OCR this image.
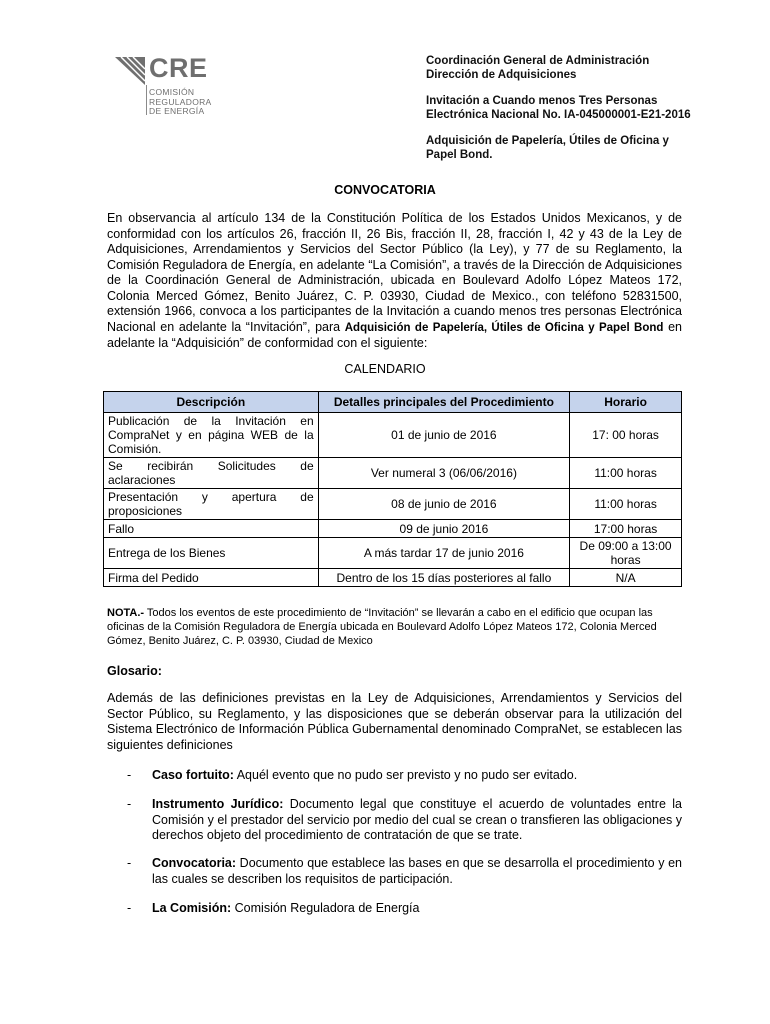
CRE
COMISIÓN
REGULADORA
DE ENERGÍA
Coordinación General de Administración
Dirección de Adquisiciones
Invitación a Cuando menos Tres Personas
Electrónica Nacional No. IA-045000001-E21-2016
Adquisición de Papelería, Útiles de Oficina y
Papel Bond.
CONVOCATORIA
En observancia al artículo 134 de la Constitución Política de los Estados Unidos Mexicanos, y de conformidad con los artículos 26, fracción II, 26 Bis, fracción II, 28, fracción I, 42 y 43 de la Ley de Adquisiciones, Arrendamientos y Servicios del Sector Público (la Ley), y 77 de su Reglamento, la Comisión Reguladora de Energía, en adelante “La Comisión”, a través de la Dirección de Adquisiciones de la Coordinación General de Administración, ubicada en Boulevard Adolfo López Mateos 172, Colonia Merced Gómez, Benito Juárez, C. P. 03930, Ciudad de Mexico., con teléfono 52831500, extensión 1966, convoca a los participantes de la Invitación a cuando menos tres personas Electrónica Nacional en adelante la “Invitación”, para Adquisición de Papelería, Útiles de Oficina y Papel Bond en adelante la “Adquisición” de conformidad con el siguiente:
CALENDARIO
Descripción	Detalles principales del Procedimiento	Horario

Publicación de la Invitación en CompraNet y en página WEB de la Comisión.	01 de junio de 2016	17: 00 horas

Se recibirán Solicitudes de aclaraciones	Ver numeral 3 (06/06/2016)	11:00 horas

Presentación y apertura de proposiciones	08 de junio de 2016	11:00 horas
Fallo	09 de junio 2016	17:00 horas
Entrega de los Bienes	A más tardar 17 de junio 2016	De 09:00 a 13:00 horas
Firma del Pedido	Dentro de los 15 días posteriores al fallo	N/A
NOTA.- Todos los eventos de este procedimiento de “Invitación” se llevarán a cabo en el edificio que ocupan las oficinas de la Comisión Reguladora de Energía ubicada en Boulevard Adolfo López Mateos 172, Colonia Merced Gómez, Benito Juárez, C. P. 03930, Ciudad de Mexico
Glosario:
Además de las definiciones previstas en la Ley de Adquisiciones, Arrendamientos y Servicios del Sector Público, su Reglamento, y las disposiciones que se deberán observar para la utilización del Sistema Electrónico de Información Pública Gubernamental denominado CompraNet, se establecen las siguientes definiciones
- Caso fortuito: Aquél evento que no pudo ser previsto y no pudo ser evitado.
- Instrumento Jurídico: Documento legal que constituye el acuerdo de voluntades entre la Comisión y el prestador del servicio por medio del cual se crean o transfieren las obligaciones y derechos objeto del procedimiento de contratación de que se trate.
- Convocatoria: Documento que establece las bases en que se desarrolla el procedimiento y en las cuales se describen los requisitos de participación.
- La Comisión: Comisión Reguladora de Energía
